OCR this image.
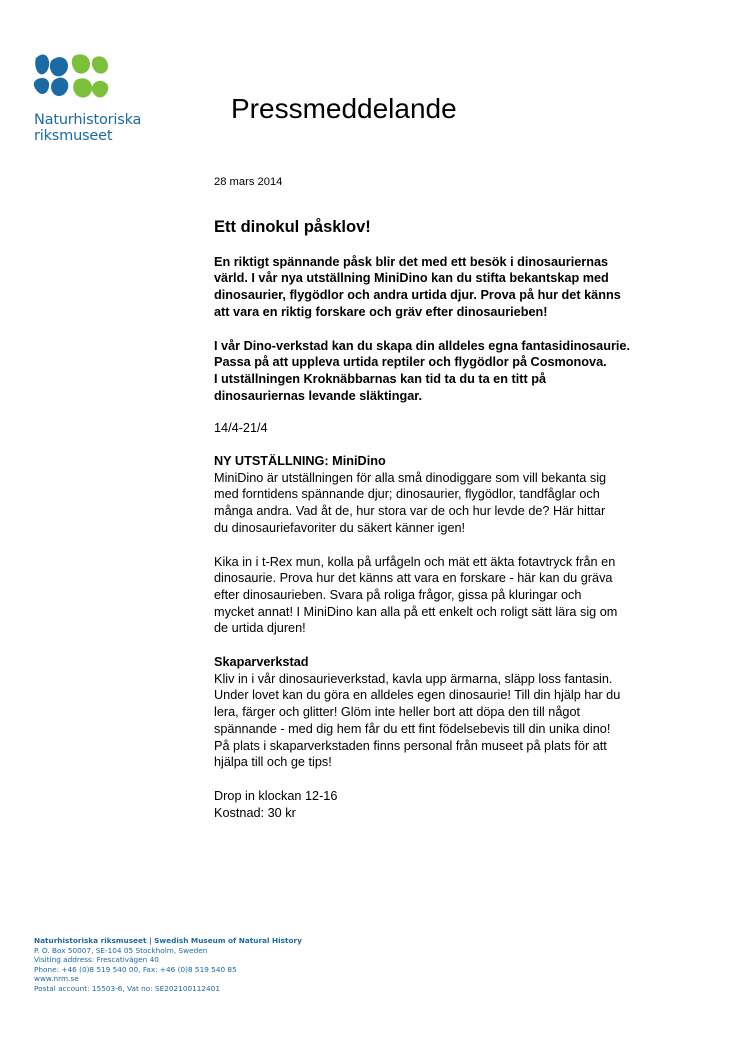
Naturhistoriska
riksmuseet
Pressmeddelande
28 mars 2014
Ett dinokul påsklov!

En riktigt spännande påsk blir det med ett besök i dinosauriernas

värld. I vår nya utställning MiniDino kan du stifta bekantskap med

dinosaurier, flygödlor och andra urtida djur. Prova på hur det känns

att vara en riktig forskare och gräv efter dinosaurieben!

I vår Dino-verkstad kan du skapa din alldeles egna fantasidinosaurie.

Passa på att uppleva urtida reptiler och flygödlor på Cosmonova.

I utställningen Kroknäbbarnas kan tid ta du ta en titt på

dinosauriernas levande släktingar.

14/4-21/4
NY UTSTÄLLNING: MiniDino

MiniDino är utställningen för alla små dinodiggare som vill bekanta sig

med forntidens spännande djur; dinosaurier, flygödlor, tandfåglar och

många andra. Vad åt de, hur stora var de och hur levde de? Här hittar

du dinosauriefavoriter du säkert känner igen!

Kika in i t-Rex mun, kolla på urfågeln och mät ett äkta fotavtryck från en

dinosaurie. Prova hur det känns att vara en forskare - här kan du gräva

efter dinosaurieben. Svara på roliga frågor, gissa på kluringar och

mycket annat! I MiniDino kan alla på ett enkelt och roligt sätt lära sig om

de urtida djuren!

Skaparverkstad

Kliv in i vår dinosaurieverkstad, kavla upp ärmarna, släpp loss fantasin.

Under lovet kan du göra en alldeles egen dinosaurie! Till din hjälp har du

lera, färger och glitter! Glöm inte heller bort att döpa den till något

spännande - med dig hem får du ett fint födelsebevis till din unika dino!

På plats i skaparverkstaden finns personal från museet på plats för att

hjälpa till och ge tips!

Drop in klockan 12-16

Kostnad: 30 kr

Naturhistoriska riksmuseet | Swedish Museum of Natural History
P. O. Box 50007, SE-104 05 Stockholm, Sweden
Visiting address: Frescativägen 40
Phone: +46 (0)8 519 540 00, Fax: +46 (0)8 519 540 85
www.nrm.se
Postal account: 15503-6, Vat no: SE202100112401
